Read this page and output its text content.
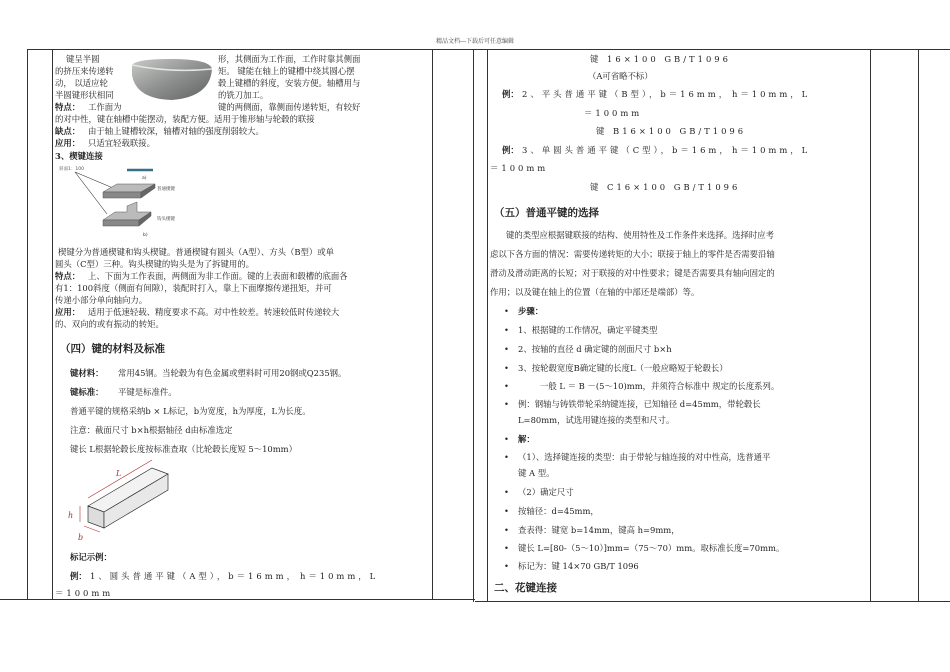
精品文档---下载后可任意编辑
键呈半圆	形，其侧面为工作面，工作时靠其侧面
的挤压来传递转	矩。 键能在轴上的键槽中绕其圆心摆
动， 以适应轮	毂上键槽的斜度，安装方便。轴槽用与
半圆键形状相同	的铣刀加工。
特点： 工作面为	键的两侧面，靠侧面传递转矩，有较好
的对中性，键在轴槽中能摆动，装配方便。适用于锥形轴与轮毂的联接
缺点： 由于轴上键槽较深，轴槽对轴的强度削弱较大。
应用： 只适宜轻载联接。
3、楔键连接
斜面1：100
a)
普通楔键
钩头楔键
b)
楔键分为普通楔键和钩头楔键。普通楔键有圆头（A型）、方头（B型）或单
圆头（C型）三种。钩头楔键的钩头是为了拆键用的。
特点： 上、下面为工作表面，两侧面为非工作面。键的上表面和毂槽的底面各
有1：100斜度（侧面有间隙），装配时打入，靠上下面摩擦传递扭矩，并可
传递小部分单向轴向力。
应用： 适用于低速轻载、精度要求不高。对中性较差。转速较低时传递较大
的、双向的或有振动的转矩。
（四）键的材料及标准
键材料： 常用45钢。当轮毂为有色金属或塑料时可用20钢或Q235钢。
键标准： 平键是标准件。
普通平键的规格采纳b × L标记，b为宽度，h为厚度，L为长度。
注意：截面尺寸 b×h根据轴径 d由标准选定
键长 L根据轮毂长度按标准查取（比轮毂长度短 5～10mm）
L
h
b
标记示例：
例： 1、圆头普通平键（A型），b＝16mm， h＝10mm，L
＝100mm
键 16×100 GB/T1096
（A可省略不标）
例： 2、平头普通平键（B型），b＝16mm， h＝10mm，L
＝100mm
键 B16×100 GB/T1096
例： 3、单圆头普通平键（C型），b＝16m， h＝10mm，L
＝100mm
键 C16×100 GB/T1096
（五）普通平键的选择
键的类型应根据键联接的结构、使用特性及工作条件来选择。选择时应考
虑以下各方面的情况：需要传递转矩的大小；联接于轴上的零件是否需要沿轴
滑动及滑动距离的长短；对于联接的对中性要求；键是否需要具有轴向固定的
作用；以及键在轴上的位置（在轴的中部还是端部）等。
• 步骤：
• 1、根据键的工作情况，确定平键类型
• 2、按轴的直径 d 确定键的剖面尺寸 b×h
• 3、按轮毂宽度B确定键的长度L（一般应略短于轮毂长）
•	一般 L ＝ B －(5～10)mm，并须符合标准中 规定的长度系列。
• 例：钢轴与铸铁带轮采纳键连接，已知轴径 d=45mm，带轮毂长
L=80mm，试选用键连接的类型和尺寸。
• 解：
• （1）、选择键连接的类型：由于带轮与轴连接的对中性高，选普通平
键 A 型。
• （2）确定尺寸
• 按轴径：d=45mm，
• 查表得：键宽 b=14mm，键高 h=9mm，
• 键长 L=[80-（5～10）]mm=（75～70）mm。取标准长度=70mm。
• 标记为：键 14×70 GB/T 1096
二、花键连接
